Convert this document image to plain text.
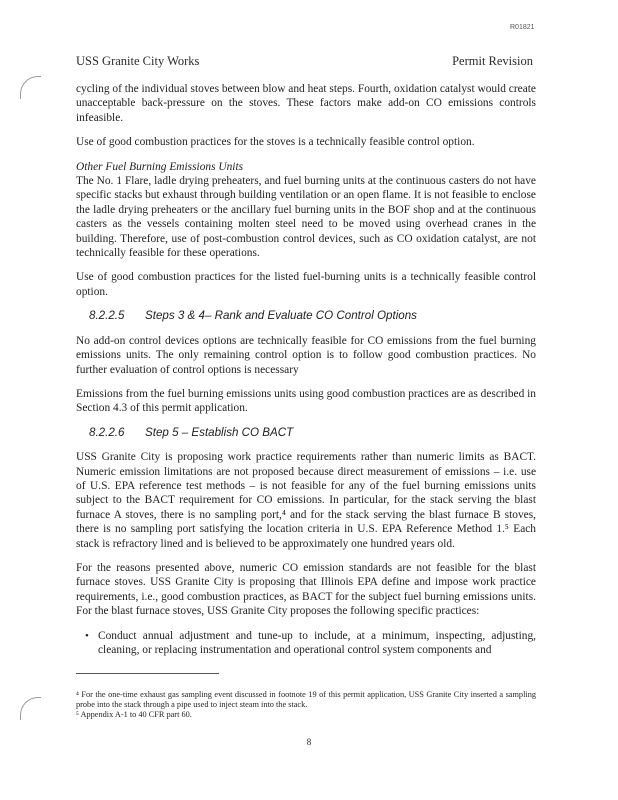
R01821
USS Granite City Works	Permit Revision

cycling of the individual stoves between blow and heat steps. Fourth, oxidation catalyst would create unacceptable back-pressure on the stoves. These factors make add-on CO emissions controls infeasible.

Use of good combustion practices for the stoves is a technically feasible control option.

Other Fuel Burning Emissions Units

The No. 1 Flare, ladle drying preheaters, and fuel burning units at the continuous casters do not have specific stacks but exhaust through building ventilation or an open flame. It is not feasible to enclose the ladle drying preheaters or the ancillary fuel burning units in the BOF shop and at the continuous casters as the vessels containing molten steel need to be moved using overhead cranes in the building. Therefore, use of post-combustion control devices, such as CO oxidation catalyst, are not technically feasible for these operations.

Use of good combustion practices for the listed fuel-burning units is a technically feasible control option.

8.2.2.5 Steps 3 & 4– Rank and Evaluate CO Control Options

No add-on control devices options are technically feasible for CO emissions from the fuel burning emissions units. The only remaining control option is to follow good combustion practices. No further evaluation of control options is necessary

Emissions from the fuel burning emissions units using good combustion practices are as described in Section 4.3 of this permit application.

8.2.2.6 Step 5 – Establish CO BACT

USS Granite City is proposing work practice requirements rather than numeric limits as BACT. Numeric emission limitations are not proposed because direct measurement of emissions – i.e. use of U.S. EPA reference test methods – is not feasible for any of the fuel burning emissions units subject to the BACT requirement for CO emissions. In particular, for the stack serving the blast furnace A stoves, there is no sampling port,⁴ and for the stack serving the blast furnace B stoves, there is no sampling port satisfying the location criteria in U.S. EPA Reference Method 1.⁵ Each stack is refractory lined and is believed to be approximately one hundred years old.

For the reasons presented above, numeric CO emission standards are not feasible for the blast furnace stoves. USS Granite City is proposing that Illinois EPA define and impose work practice requirements, i.e., good combustion practices, as BACT for the subject fuel burning emissions units. For the blast furnace stoves, USS Granite City proposes the following specific practices:

• Conduct annual adjustment and tune-up to include, at a minimum, inspecting, adjusting, cleaning, or replacing instrumentation and operational control system components and

⁴ For the one-time exhaust gas sampling event discussed in footnote 19 of this permit application, USS Granite City inserted a sampling probe into the stack through a pipe used to inject steam into the stack.

⁵ Appendix A-1 to 40 CFR part 60.

8
